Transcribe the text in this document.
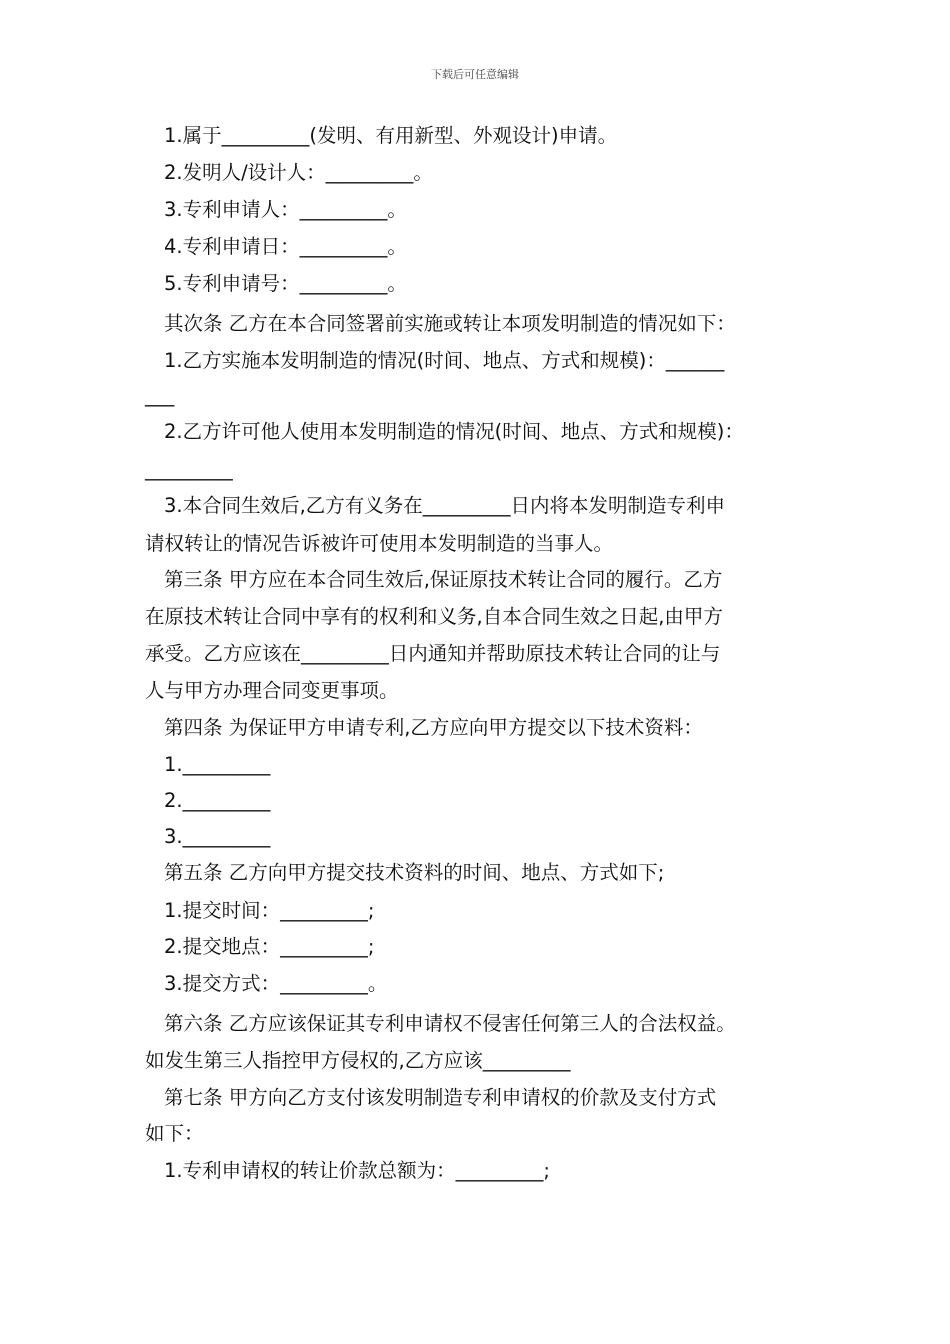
下载后可任意编辑
1.属于_________(发明、有用新型、外观设计)申请。
2.发明人/设计人：_________。
3.专利申请人：_________。
4.专利申请日：_________。
5.专利申请号：_________。
其次条 乙方在本合同签署前实施或转让本项发明制造的情况如下：
1.乙方实施本发明制造的情况(时间、地点、方式和规模)：______
___
2.乙方许可他人使用本发明制造的情况(时间、地点、方式和规模)：
_________
3.本合同生效后,乙方有义务在_________日内将本发明制造专利申
请权转让的情况告诉被许可使用本发明制造的当事人。
第三条 甲方应在本合同生效后,保证原技术转让合同的履行。乙方
在原技术转让合同中享有的权利和义务,自本合同生效之日起,由甲方
承受。乙方应该在_________日内通知并帮助原技术转让合同的让与
人与甲方办理合同变更事项。
第四条 为保证甲方申请专利,乙方应向甲方提交以下技术资料：
1._________
2._________
3._________
第五条 乙方向甲方提交技术资料的时间、地点、方式如下;
1.提交时间：_________;
2.提交地点：_________;
3.提交方式：_________。
第六条 乙方应该保证其专利申请权不侵害任何第三人的合法权益。
如发生第三人指控甲方侵权的,乙方应该_________
第七条 甲方向乙方支付该发明制造专利申请权的价款及支付方式
如下：
1.专利申请权的转让价款总额为：_________;
